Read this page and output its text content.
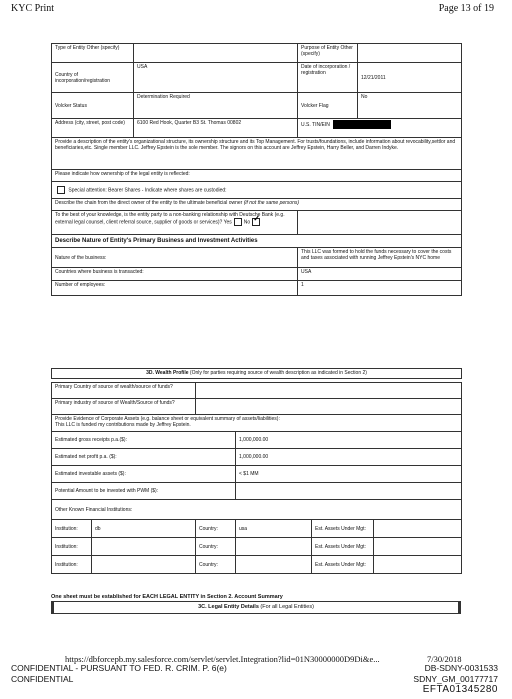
KYC Print	Page 13 of 19
Type of Entity Other (specify)		Purpose of Entity Other (specify)	
Country of incorporation/registration	USA	Date of incorporation / registration	12/21/2011
Volcker Status	Determination Required	Volcker Flag	No
Address (city, street, post code)	6100 Red Hook, Quarter B3 St. Thomas 00802	U.S. TIN/EIN	
Provide a description of the entity's organizational structure, its ownership structure and its Top Management. For trusts/foundations, include information about revocability,settlor and beneficiaries,etc. Single member LLC. Jeffrey Epstein is the sole member. The signors on this account are Jeffrey Epstein, Harry Beller, and Darren Indyke.			
Please indicate how ownership of the legal entity is reflected:			
Special attention: Bearer Shares - Indicate where shares are custodied:			
Describe the chain from the direct owner of the entity to the ultimate beneficial owner (if not the same persons)			
To the best of your knowledge, is the entity party to a non-banking relationship with Deutsche Bank (e.g. external legal counsel, client referral source, supplier of goods or services)? Yes No✓	
Describe Nature of Entity's Primary Business and Investment Activities			
Nature of the business:		This LLC was formed to hold the funds necessary to cover the costs and taxes associated with running Jeffrey Epstein's NYC home	
Countries where business is transacted:		USA	
Number of employees:		1	
3D. Wealth Profile (Only for parties requiring source of wealth description as indicated in Section 2)					

Primary Country of source of wealth/source of funds?					
Primary industry of source of Wealth/Source of funds?					

Provide Evidence of Corporate Assets (e.g. balance sheet or equivalent summary of assets/liabilities):
This LLC is funded my contributions made by Jeffrey Epstein.					

Estimated gross receipts p.a.($):			1,000,000.00		
Estimated net profit p.a. ($):			1,000,000.00		
Estimated investable assets ($):			< $1 MM		
Potential Amount to be invested with PWM ($):					
Other Known Financial Institutions:					
Institution:	db	Country:	usa	Est. Assets Under Mgt:	
Institution:		Country:		Est. Assets Under Mgt:	
Institution:		Country:		Est. Assets Under Mgt:	
One sheet must be established for EACH LEGAL ENTITY in Section 2. Account Summary
3C. Legal Entity Details (For all Legal Entities)
https://dbforcepb.my.salesforce.com/servlet/servlet.Integration?lid=01N30000000D9Di&e...	7/30/2018
CONFIDENTIAL - PURSUANT TO FED. R. CRIM. P. 6(e)	DB-SDNY-0031533
CONFIDENTIAL	SDNY_GM_00177717
EFTA01345280
